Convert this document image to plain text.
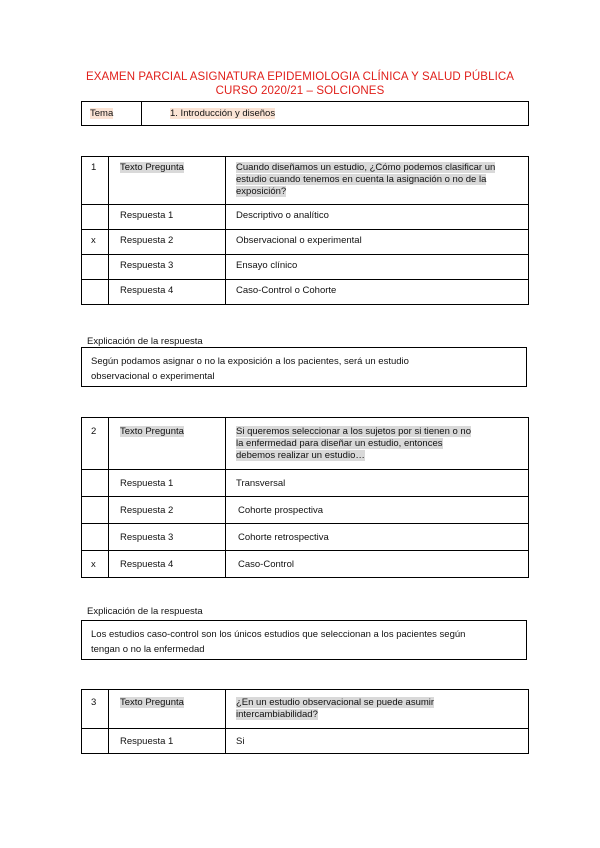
EXAMEN PARCIAL ASIGNATURA EPIDEMIOLOGIA CLÍNICA Y SALUD PÚBLICA
CURSO 2020/21 – SOLCIONES
Tema	1. Introducción y diseños
1	Texto Pregunta	Cuando diseñamos un estudio, ¿Cómo podemos clasificar un estudio cuando tenemos en cuenta la asignación o no de la exposición?

	Respuesta 1	Descriptivo o analítico

x	Respuesta 2	Observacional o experimental

	Respuesta 3	Ensayo clínico

	Respuesta 4	Caso-Control o Cohorte
Explicación de la respuesta
Según podamos asignar o no la exposición a los pacientes, será un estudio
observacional o experimental
2	Texto Pregunta	Si queremos seleccionar a los sujetos por si tienen o no
la enfermedad para diseñar un estudio, entonces
debemos realizar un estudio…

	Respuesta 1	Transversal

	Respuesta 2	Cohorte prospectiva

	Respuesta 3	Cohorte retrospectiva

x	Respuesta 4	Caso-Control
Explicación de la respuesta
Los estudios caso-control son los únicos estudios que seleccionan a los pacientes según
tengan o no la enfermedad
3	Texto Pregunta	¿En un estudio observacional se puede asumir
intercambiabilidad?

	Respuesta 1	Si
